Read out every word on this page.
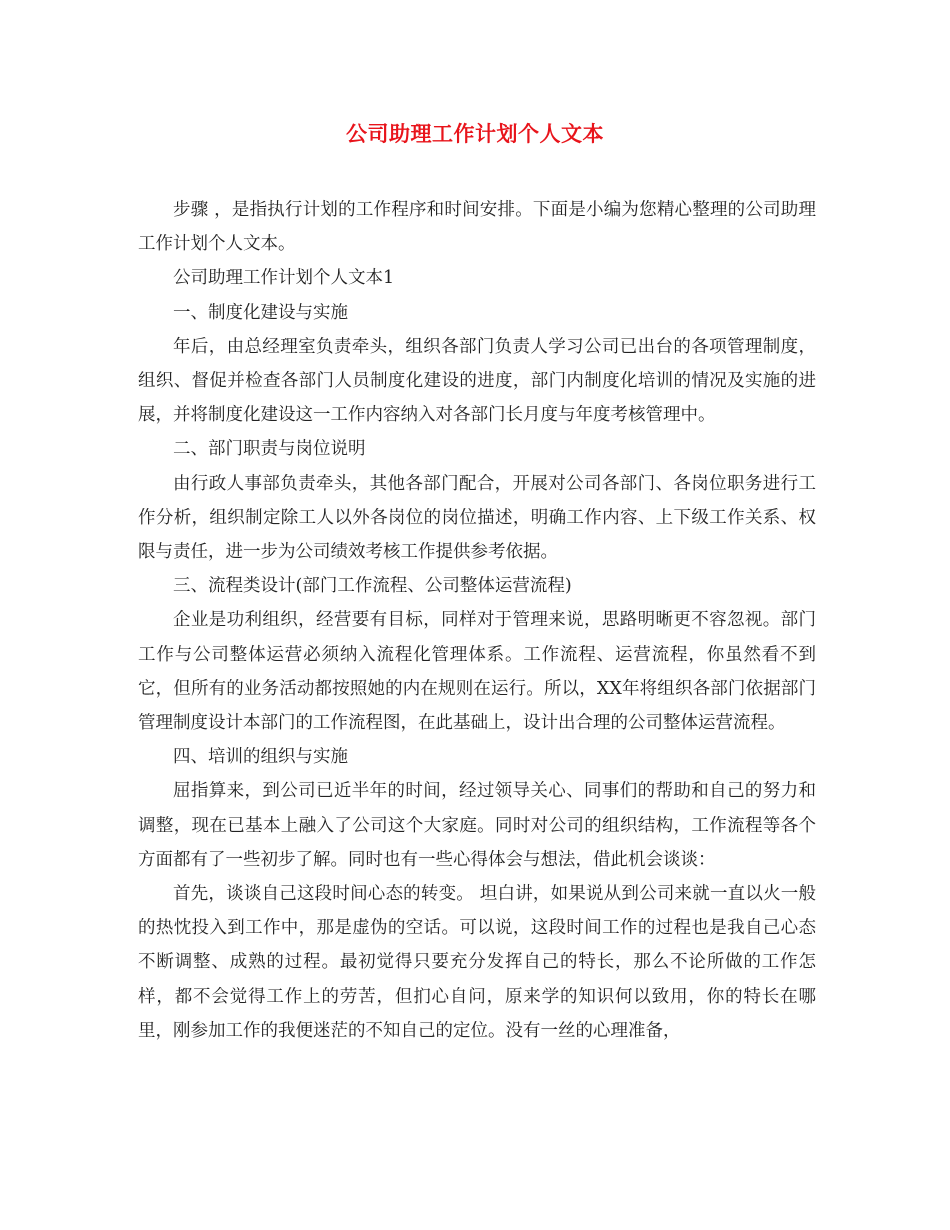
公司助理工作计划个人文本

步骤 ，是指执行计划的工作程序和时间安排。下面是小编为您精心整理的公司助理工作计划个人文本。

公司助理工作计划个人文本1

一、制度化建设与实施

年后，由总经理室负责牵头，组织各部门负责人学习公司已出台的各项管理制度，组织、督促并检查各部门人员制度化建设的进度，部门内制度化培训的情况及实施的进展，并将制度化建设这一工作内容纳入对各部门长月度与年度考核管理中。

二、部门职责与岗位说明

由行政人事部负责牵头，其他各部门配合，开展对公司各部门、各岗位职务进行工作分析，组织制定除工人以外各岗位的岗位描述，明确工作内容、上下级工作关系、权限与责任，进一步为公司绩效考核工作提供参考依据。

三、流程类设计(部门工作流程、公司整体运营流程)

企业是功利组织，经营要有目标，同样对于管理来说，思路明晰更不容忽视。部门工作与公司整体运营必须纳入流程化管理体系。工作流程、运营流程，你虽然看不到它，但所有的业务活动都按照她的内在规则在运行。所以，XX年将组织各部门依据部门管理制度设计本部门的工作流程图，在此基础上，设计出合理的公司整体运营流程。

四、培训的组织与实施

屈指算来，到公司已近半年的时间，经过领导关心、同事们的帮助和自己的努力和调整，现在已基本上融入了公司这个大家庭。同时对公司的组织结构，工作流程等各个方面都有了一些初步了解。同时也有一些心得体会与想法，借此机会谈谈：

首先，谈谈自己这段时间心态的转变。 坦白讲，如果说从到公司来就一直以火一般的热忱投入到工作中，那是虚伪的空话。可以说，这段时间工作的过程也是我自己心态不断调整、成熟的过程。最初觉得只要充分发挥自己的特长，那么不论所做的工作怎样，都不会觉得工作上的劳苦，但扪心自问，原来学的知识何以致用，你的特长在哪里，刚参加工作的我便迷茫的不知自己的定位。没有一丝的心理准备，
